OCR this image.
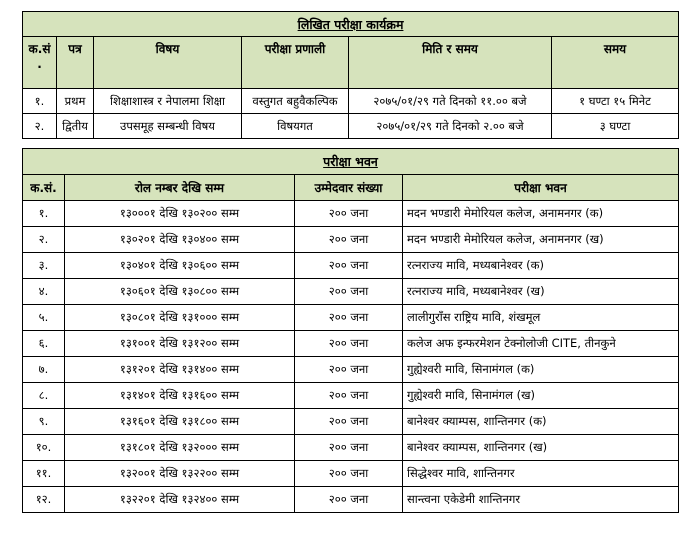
लिखित परीक्षा कार्यक्रम					

क.सं
.	पत्र	विषय	परीक्षा प्रणाली	मिति र समय	समय
१.	प्रथम	शिक्षाशास्त्र र नेपालमा शिक्षा	वस्तुगत बहुवैकल्पिक	२०७५/०१/२९ गते दिनको ११.०० बजे	१ घण्टा १५ मिनेट
२.	द्वितीय	उपसमूह सम्बन्धी विषय	विषयगत	२०७५/०१/२९ गते दिनको २.०० बजे	३ घण्टा
परीक्षा भवन			
क.सं.	रोल नम्बर देखि सम्म	उम्मेदवार संख्या	परीक्षा भवन
१.	१३०००१ देखि १३०२०० सम्म	२०० जना	मदन भण्डारी मेमोरियल कलेज, अनामनगर (क)
२.	१३०२०१ देखि १३०४०० सम्म	२०० जना	मदन भण्डारी मेमोरियल कलेज, अनामनगर (ख)
३.	१३०४०१ देखि १३०६०० सम्म	२०० जना	रत्नराज्य मावि, मध्यबानेश्वर (क)
४.	१३०६०१ देखि १३०८०० सम्म	२०० जना	रत्नराज्य मावि, मध्यबानेश्वर (ख)
५.	१३०८०१ देखि १३१००० सम्म	२०० जना	लालीगुराँस राष्ट्रिय मावि, शंखमूल
६.	१३१००१ देखि १३१२०० सम्म	२०० जना	कलेज अफ इन्फरमेशन टेक्नोलोजी CITE, तीनकुने
७.	१३१२०१ देखि १३१४०० सम्म	२०० जना	गुह्येश्वरी मावि, सिनामंगल (क)
८.	१३१४०१ देखि १३१६०० सम्म	२०० जना	गुह्येश्वरी मावि, सिनामंगल (ख)
९.	१३१६०१ देखि १३१८०० सम्म	२०० जना	बानेश्वर क्याम्पस, शान्तिनगर (क)
१०.	१३१८०१ देखि १३२००० सम्म	२०० जना	बानेश्वर क्याम्पस, शान्तिनगर (ख)
११.	१३२००१ देखि १३२२०० सम्म	२०० जना	सिद्धेश्वर मावि, शान्तिनगर
१२.	१३२२०१ देखि १३२४०० सम्म	२०० जना	सान्त्वना एकेडेमी शान्तिनगर
